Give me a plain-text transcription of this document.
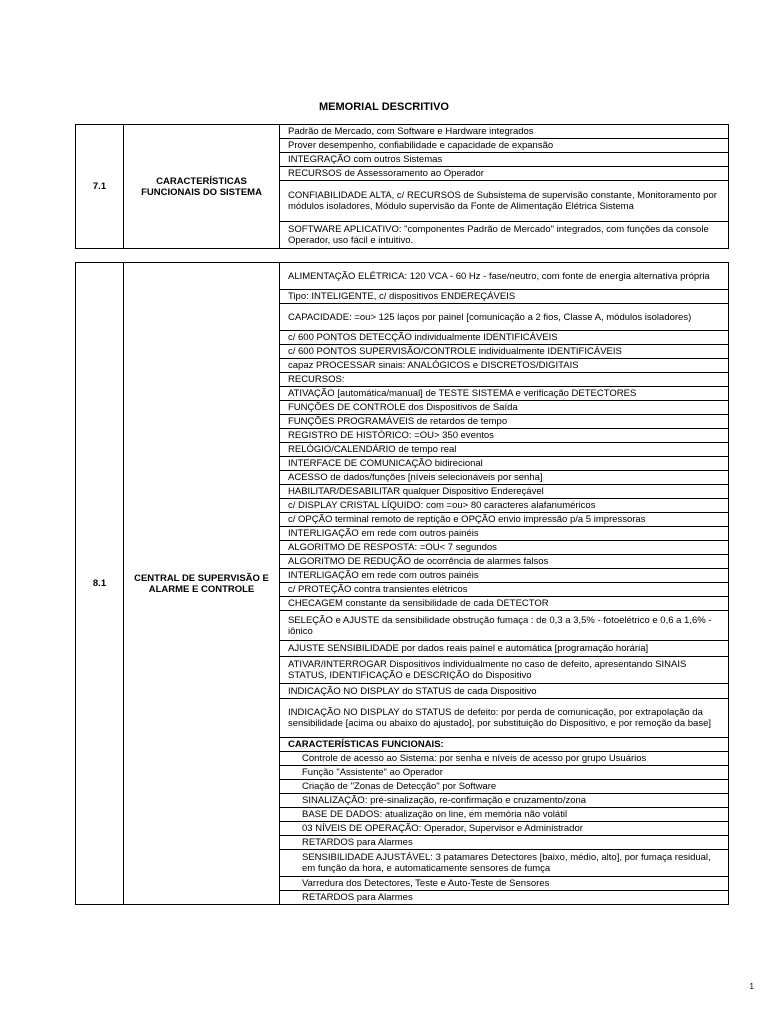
MEMORIAL DESCRITIVO
7.1	CARACTERÍSTICAS FUNCIONAIS DO SISTEMA	Padrão de Mercado, com Software e Hardware integrados
Prover desempenho, confiabilidade e capacidade de expansão
INTEGRAÇÃO com outros Sistemas
RECURSOS de Assessoramento ao Operador
CONFIABILIDADE ALTA, c/ RECURSOS de Subsistema de supervisão constante, Monitoramento por módulos isoladores, Módulo supervisão da Fonte de Alimentação Elétrica Sistema
SOFTWARE APLICATIVO: "componentes Padrão de Mercado" integrados, com funções da console Operador, uso fácil e intuitivo.
8.1	CENTRAL DE SUPERVISÃO E ALARME E CONTROLE	ALIMENTAÇÃO ELÉTRICA: 120 VCA - 60 Hz - fase/neutro, com fonte de energia alternativa própria
Tipo: INTELIGENTE, c/ dispositivos ENDEREÇÁVEIS
CAPACIDADE: =ou> 125 laços por painel [comunicação a 2 fios, Classe A, módulos isoladores)
c/ 600 PONTOS DETECÇÃO individualmente IDENTIFICÁVEIS
c/ 600 PONTOS SUPERVISÃO/CONTROLE individualmente IDENTIFICÁVEIS
capaz PROCESSAR sinais: ANALÓGICOS e DISCRETOS/DIGITAIS
RECURSOS:
ATIVAÇÃO [automática/manual] de TESTE SISTEMA e verificação DETECTORES
FUNÇÕES DE CONTROLE dos Dispositivos de Saída
FUNÇÕES PROGRAMÁVEIS de retardos de tempo
REGISTRO DE HISTÓRICO: =OU> 350 eventos
RELÓGIO/CALENDÁRIO de tempo real
INTERFACE DE COMUNICAÇÃO bidirecional
ACESSO de dados/funções [níveis selecionáveis por senha]
HABILITAR/DESABILITAR qualquer Dispositivo Endereçável
c/ DISPLAY CRISTAL LÍQUIDO: com =ou> 80 caracteres alafanuméricos
c/ OPÇÃO terminal remoto de reptição e OPÇÃO envio impressão p/a 5 impressoras
INTERLIGAÇÃO em rede com outros painéis
ALGORITMO DE RESPOSTA: =OU< 7 segundos
ALGORITMO DE REDUÇÃO de ocorrência de alarmes falsos
INTERLIGAÇÃO em rede com outros painéis
c/ PROTEÇÃO contra transientes elétricos
CHECAGEM constante da sensibilidade de cada DETECTOR
SELEÇÃO e AJUSTE da sensibilidade obstrução fumaça : de 0,3 a 3,5% - fotoelétrico e 0,6 a 1,6% - iônico
AJUSTE SENSIBILIDADE por dados reais painel e automática [programação horária]
ATIVAR/INTERROGAR Dispositivos individualmente no caso de defeito, apresentando SINAIS STATUS, IDENTIFICAÇÃO e DESCRIÇÃO do Dispositivo
INDICAÇÃO NO DISPLAY do STATUS de cada Dispositivo
INDICAÇÃO NO DISPLAY do STATUS de defeito: por perda de comunicação, por extrapolação da sensibilidade [acima ou abaixo do ajustado], por substituição do Dispositivo, e por remoção da base]
CARACTERÍSTICAS FUNCIONAIS:
Controle de acesso ao Sistema: por senha e níveis de acesso por grupo Usuários
Função "Assistente" ao Operador
Criação de "Zonas de Detecção" por Software
SINALIZAÇÃO: pré-sinalização, re-confirmação e cruzamento/zona
BASE DE DADOS: atualização on line, em memória não volátil
03 NÍVEIS DE OPERAÇÃO: Operador, Supervisor e Administrador
RETARDOS para Alarmes
SENSIBILIDADE AJUSTÁVEL: 3 patamares Detectores [baixo, médio, alto], por fumaça residual, em função da hora, e automaticamente sensores de fumça
Varredura dos Detectores, Teste e Auto-Teste de Sensores
RETARDOS para Alarmes
1
